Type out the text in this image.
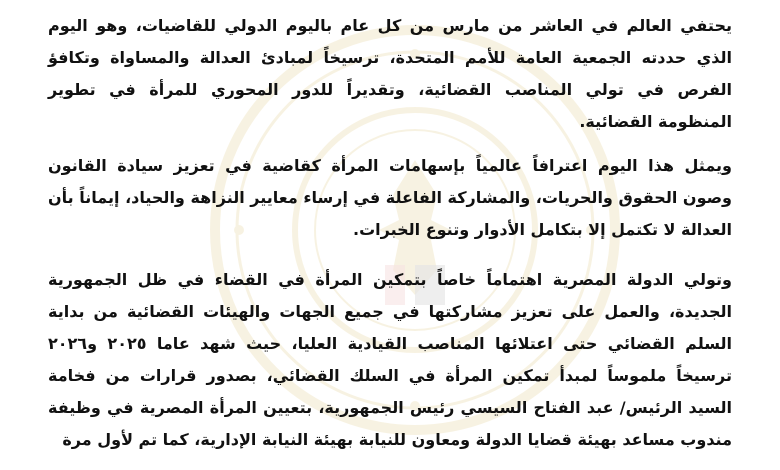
يحتفي العالم في العاشر من مارس من كل عام باليوم الدولي للقاضيات، وهو اليوم الذي حددته الجمعية العامة للأمم المتحدة، ترسيخاً لمبادئ العدالة والمساواة وتكافؤ الفرص في تولي المناصب القضائية، وتقديراً للدور المحوري للمرأة في تطوير المنظومة القضائية.

ويمثل هذا اليوم اعترافاً عالمياً بإسهامات المرأة كقاضية في تعزيز سيادة القانون وصون الحقوق والحريات، والمشاركة الفاعلة في إرساء معايير النزاهة والحياد، إيماناً بأن العدالة لا تكتمل إلا بتكامل الأدوار وتنوع الخبرات.

وتولي الدولة المصرية اهتماماً خاصاً بتمكين المرأة في القضاء في ظل الجمهورية الجديدة، والعمل على تعزيز مشاركتها في جميع الجهات والهيئات القضائية من بداية السلم القضائي حتى اعتلائها المناصب القيادية العليا، حيث شهد عاما ٢٠٢٥ و٢٠٢٦ ترسيخاً ملموساً لمبدأ تمكين المرأة في السلك القضائي، بصدور قرارات من فخامة السيد الرئيس/ عبد الفتاح السيسي رئيس الجمهورية، بتعيين المرأة المصرية في وظيفة مندوب مساعد بهيئة قضايا الدولة ومعاون للنيابة بهيئة النيابة الإدارية، كما تم لأول مرة
